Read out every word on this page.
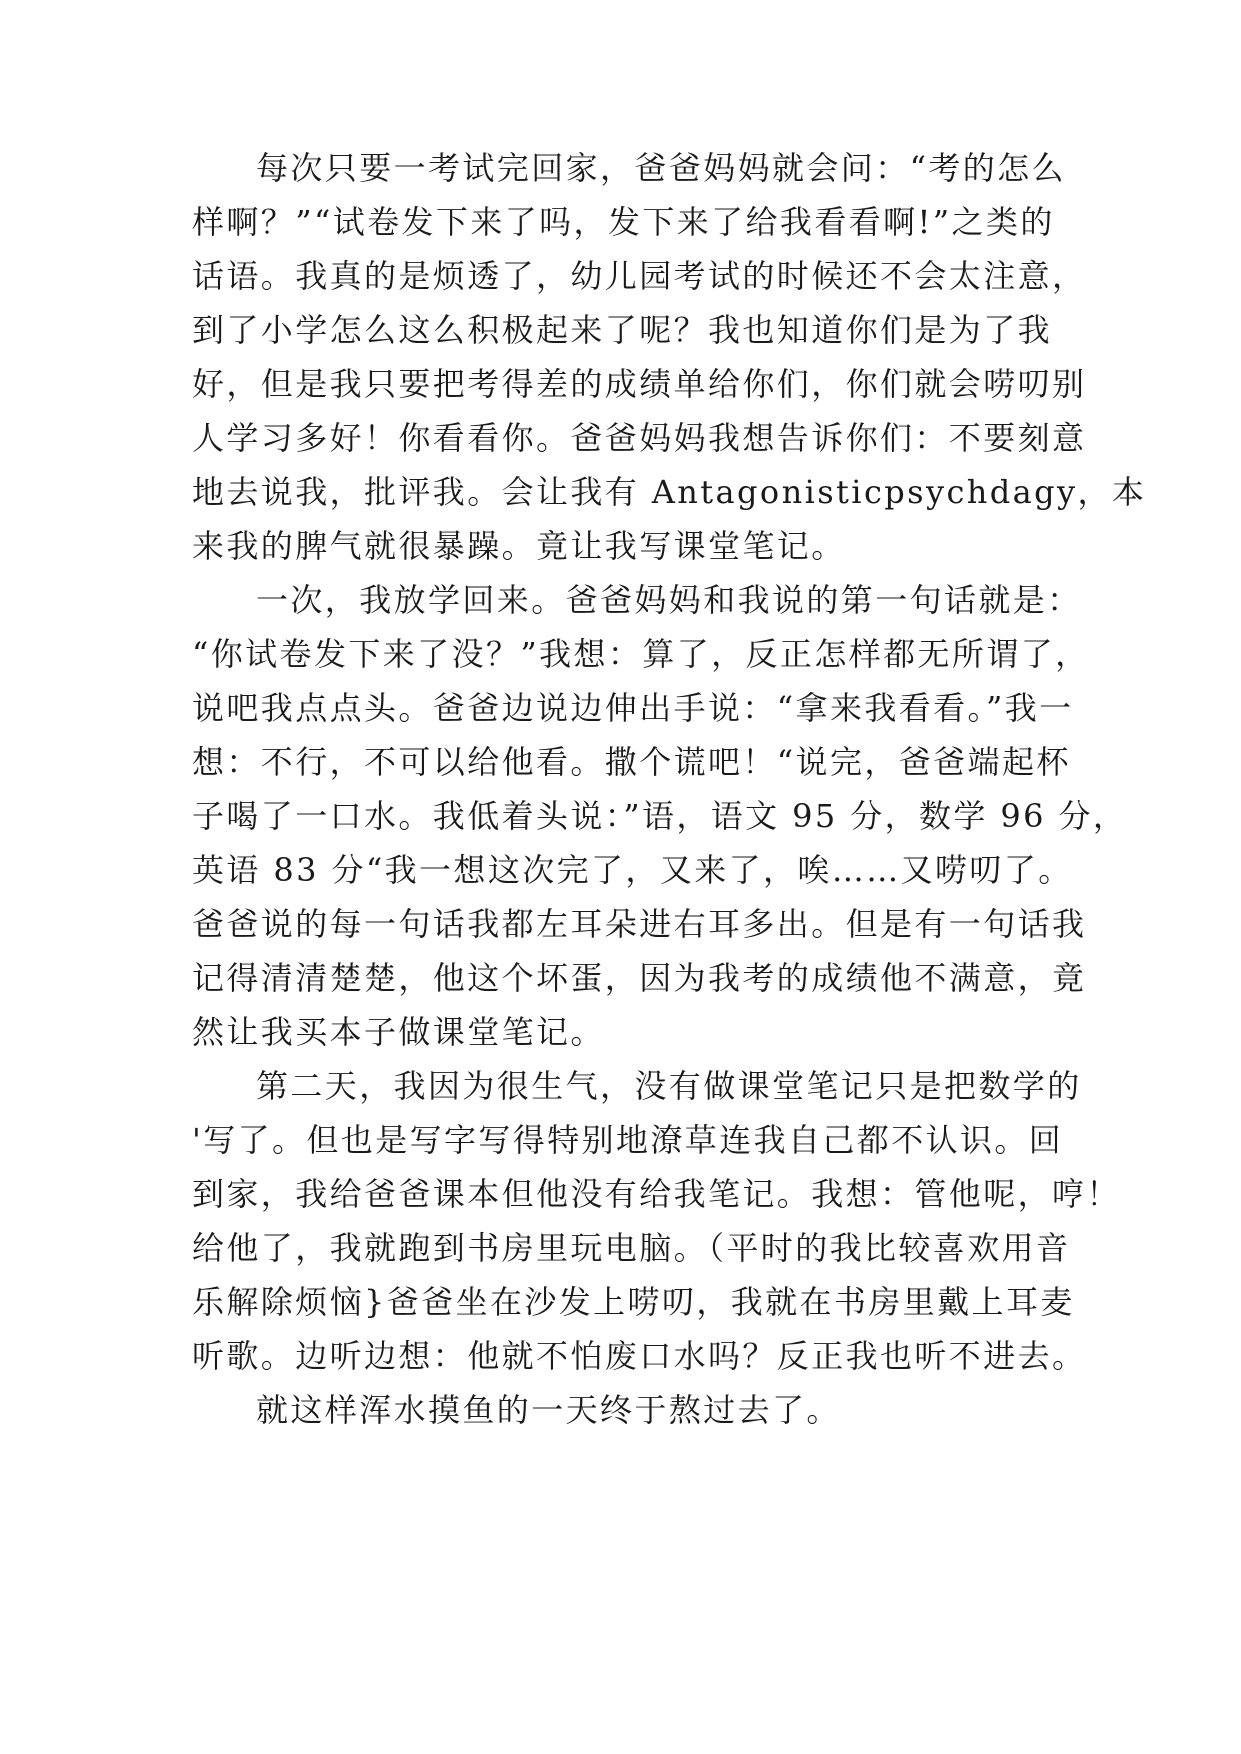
每次只要一考试完回家，爸爸妈妈就会问：“考的怎么
样啊？”“试卷发下来了吗，发下来了给我看看啊!”之类的
话语。我真的是烦透了，幼儿园考试的时候还不会太注意，
到了小学怎么这么积极起来了呢？我也知道你们是为了我
好，但是我只要把考得差的成绩单给你们，你们就会唠叨别
人学习多好！你看看你。爸爸妈妈我想告诉你们：不要刻意
地去说我，批评我。会让我有 Antagonisticpsychdagy，本
来我的脾气就很暴躁。竟让我写课堂笔记。
一次，我放学回来。爸爸妈妈和我说的第一句话就是：
“你试卷发下来了没？”我想：算了，反正怎样都无所谓了，
说吧我点点头。爸爸边说边伸出手说：“拿来我看看。”我一
想：不行，不可以给他看。撒个谎吧！“说完，爸爸端起杯
子喝了一口水。我低着头说：”语，语文 95 分，数学 96 分，
英语 83 分“我一想这次完了，又来了，唉……又唠叨了。
爸爸说的每一句话我都左耳朵进右耳多出。但是有一句话我
记得清清楚楚，他这个坏蛋，因为我考的成绩他不满意，竟
然让我买本子做课堂笔记。
第二天，我因为很生气，没有做课堂笔记只是把数学的
'写了。但也是写字写得特别地潦草连我自己都不认识。回
到家，我给爸爸课本但他没有给我笔记。我想：管他呢，哼！
给他了，我就跑到书房里玩电脑。（平时的我比较喜欢用音
乐解除烦恼}爸爸坐在沙发上唠叨，我就在书房里戴上耳麦
听歌。边听边想：他就不怕废口水吗？反正我也听不进去。
就这样浑水摸鱼的一天终于熬过去了。
